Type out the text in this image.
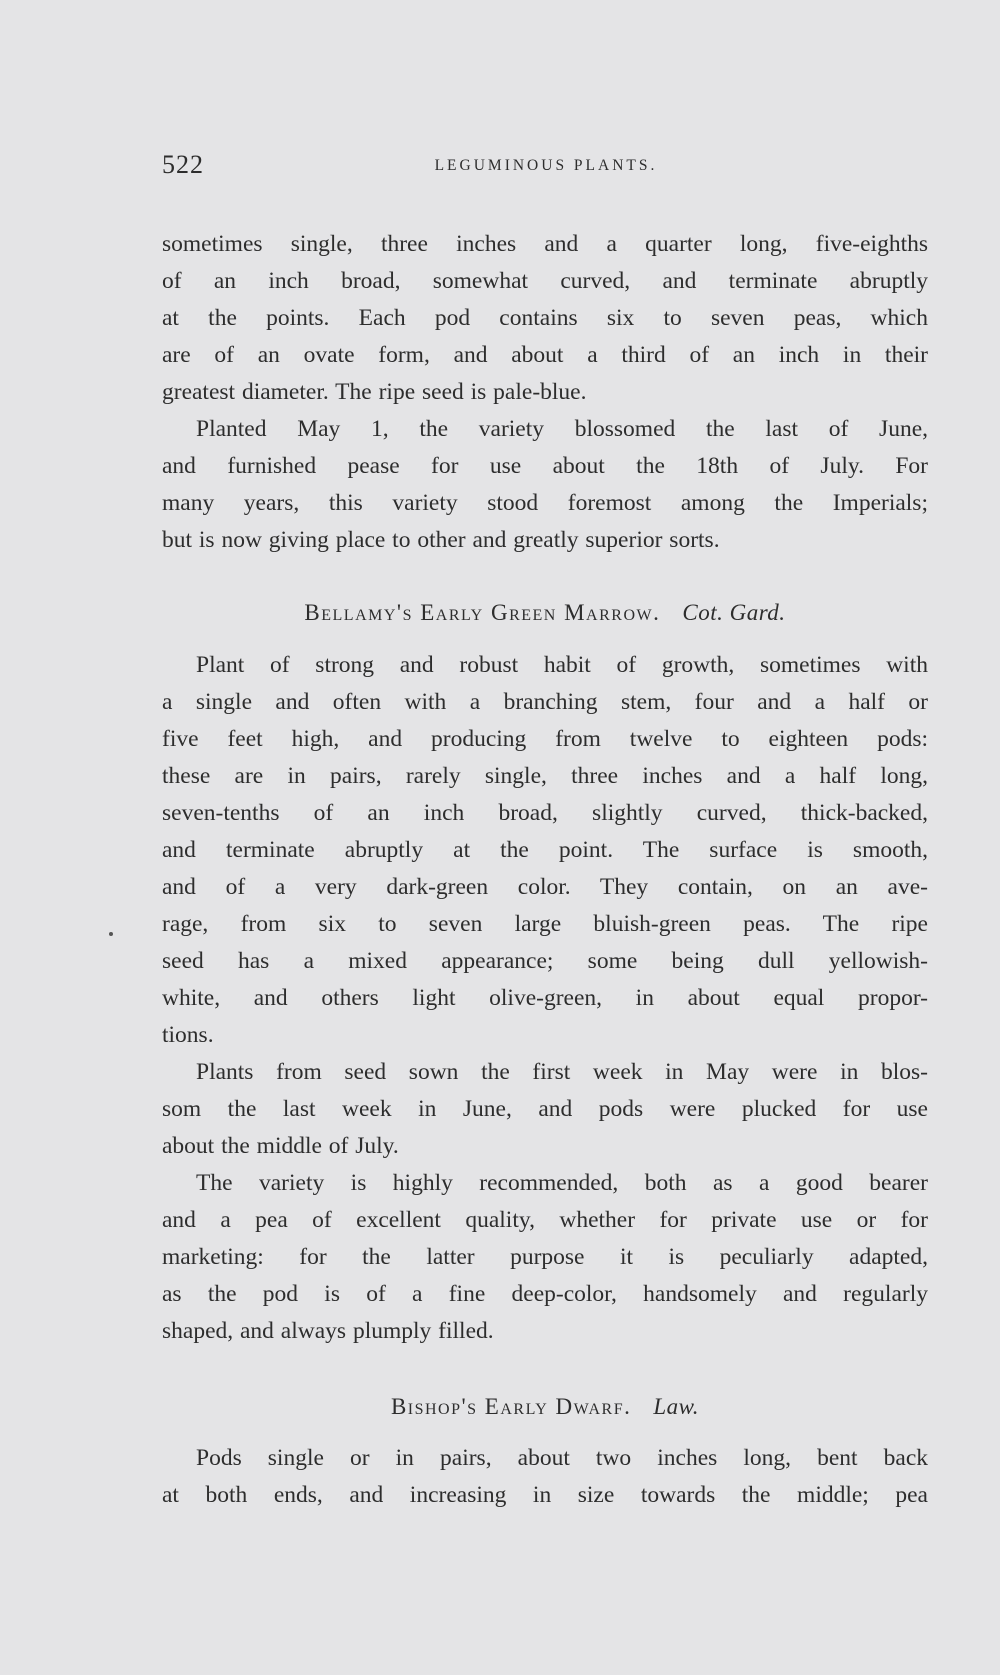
522	LEGUMINOUS PLANTS.
sometimes single, three inches and a quarter long, five-eighths
of an inch broad, somewhat curved, and terminate abruptly
at the points. Each pod contains six to seven peas, which
are of an ovate form, and about a third of an inch in their
greatest diameter. The ripe seed is pale-blue.
Planted May 1, the variety blossomed the last of June,
and furnished pease for use about the 18th of July. For
many years, this variety stood foremost among the Imperials;
but is now giving place to other and greatly superior sorts.
Bellamy's Early Green Marrow. Cot. Gard.
Plant of strong and robust habit of growth, sometimes with
a single and often with a branching stem, four and a half or
five feet high, and producing from twelve to eighteen pods:
these are in pairs, rarely single, three inches and a half long,
seven-tenths of an inch broad, slightly curved, thick-backed,
and terminate abruptly at the point. The surface is smooth,
and of a very dark-green color. They contain, on an ave-
rage, from six to seven large bluish-green peas. The ripe
seed has a mixed appearance; some being dull yellowish-
white, and others light olive-green, in about equal propor-
tions.
Plants from seed sown the first week in May were in blos-
som the last week in June, and pods were plucked for use
about the middle of July.
The variety is highly recommended, both as a good bearer
and a pea of excellent quality, whether for private use or for
marketing: for the latter purpose it is peculiarly adapted,
as the pod is of a fine deep-color, handsomely and regularly
shaped, and always plumply filled.
Bishop's Early Dwarf. Law.
Pods single or in pairs, about two inches long, bent back
at both ends, and increasing in size towards the middle; pea
